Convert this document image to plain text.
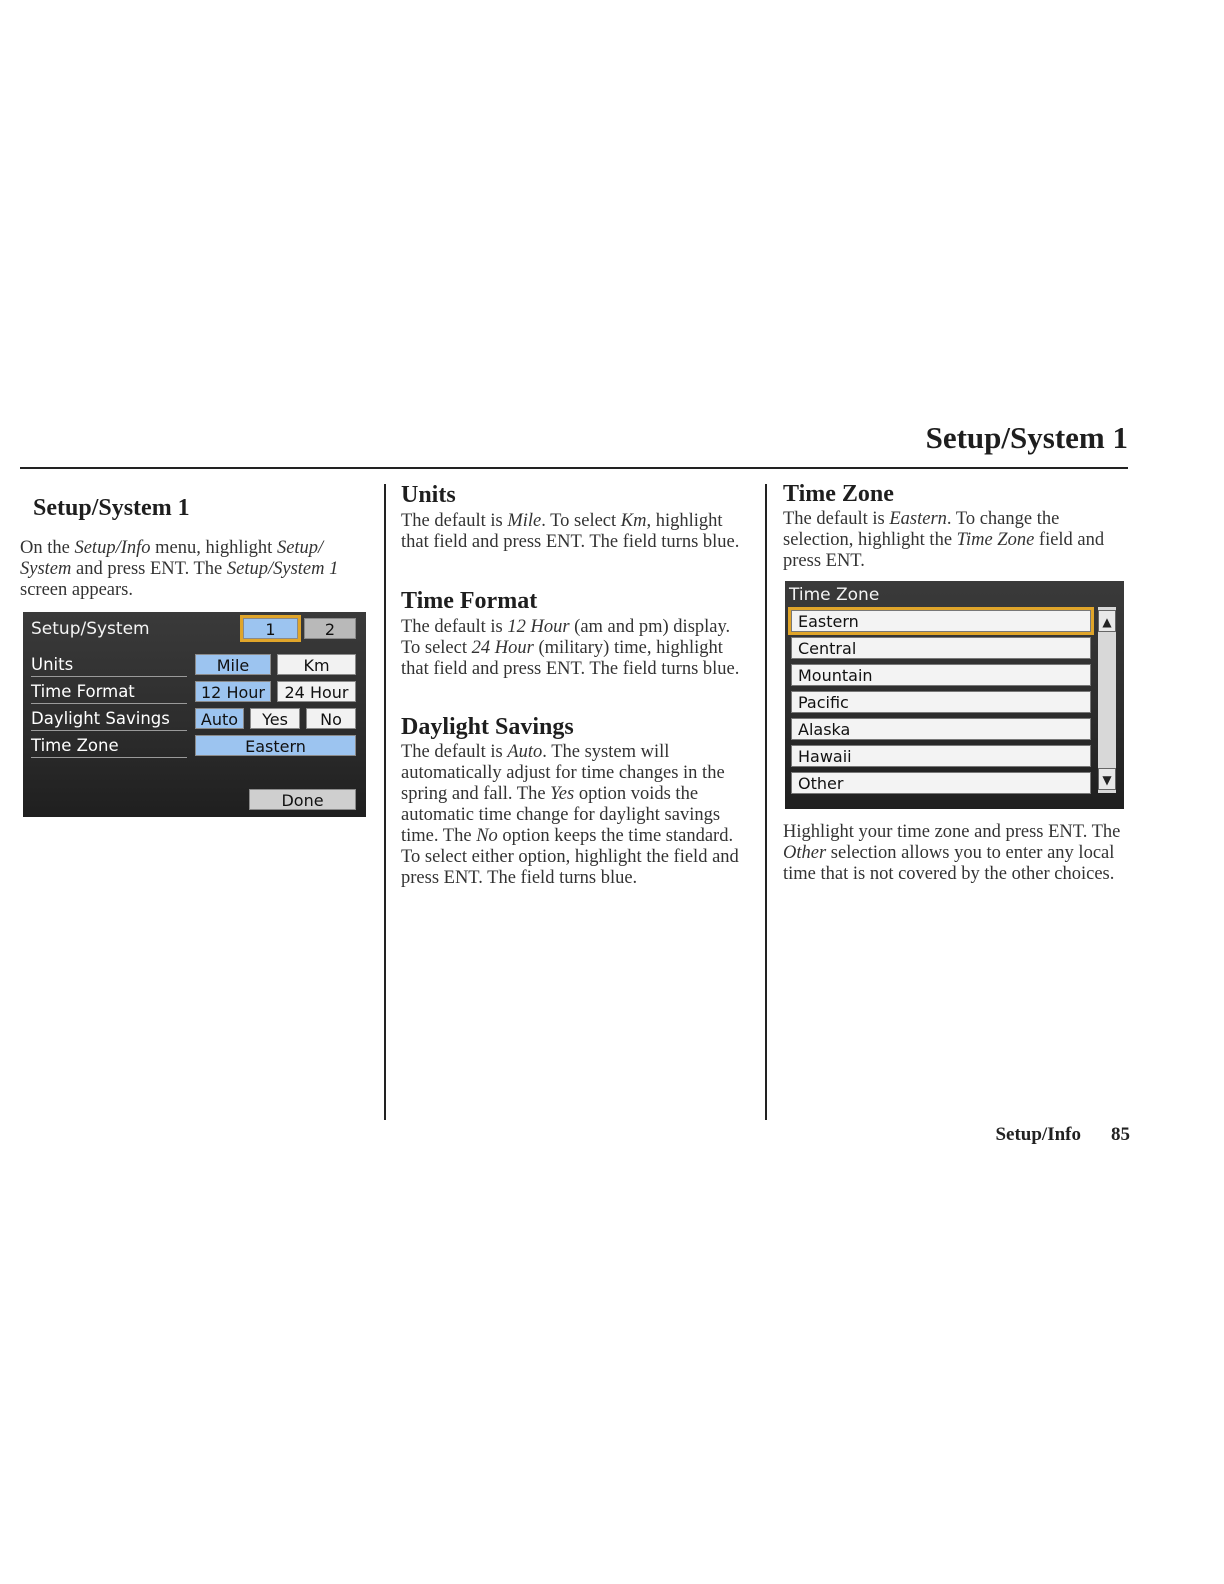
Setup/System 1
Setup/System 1

On the Setup/Info menu, highlight Setup/ System and press ENT. The Setup/System 1 screen appears.

Setup/System	1	2
Units	Mile	Km
Time Format	12 Hour	24 Hour
Daylight Savings	Auto	Yes	No
Time Zone	Eastern
Done
Units

The default is Mile. To select Km, highlight that field and press ENT. The field turns blue.

Time Format

The default is 12 Hour (am and pm) display. To select 24 Hour (military) time, highlight that field and press ENT. The field turns blue.

Daylight Savings

The default is Auto. The system will automatically adjust for time changes in the spring and fall. The Yes option voids the automatic time change for daylight savings time. The No option keeps the time standard. To select either option, highlight the field and press ENT. The field turns blue.

Time Zone

The default is Eastern. To change the selection, highlight the Time Zone field and press ENT.

Time Zone
Eastern
Central
Mountain
Pacific
Alaska
Hawaii
Other
▲
▼

Highlight your time zone and press ENT. The Other selection allows you to enter any local time that is not covered by the other choices.

Setup/Info 85
